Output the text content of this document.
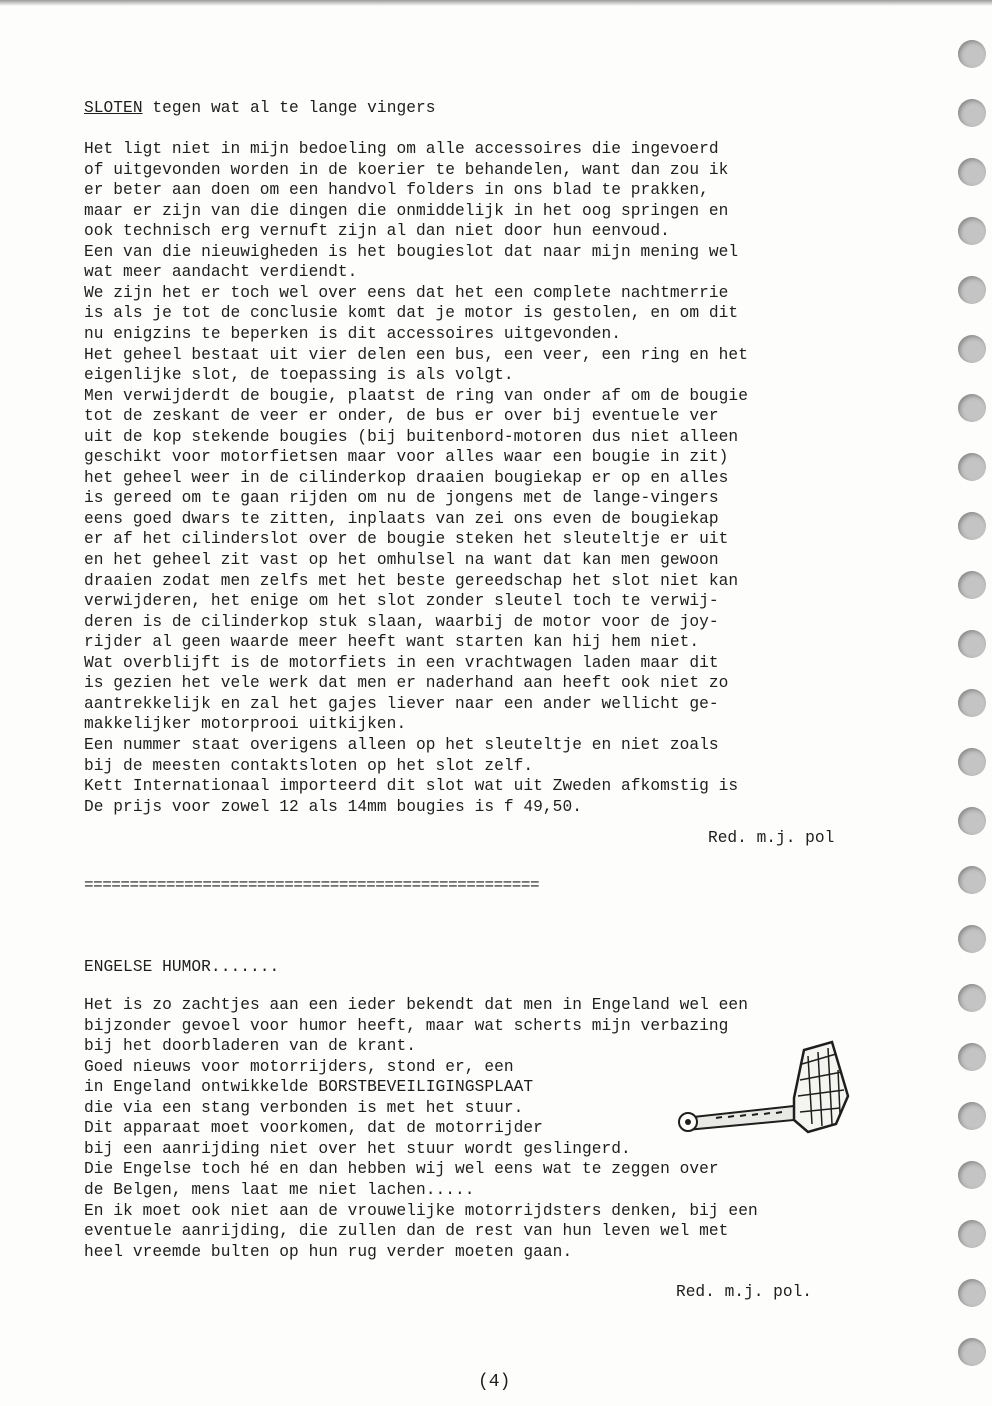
SLOTEN tegen wat al te lange vingers
Het ligt niet in mijn bedoeling om alle accessoires die ingevoerd
of uitgevonden worden in de koerier te behandelen, want dan zou ik
er beter aan doen om een handvol folders in ons blad te prakken,
maar er zijn van die dingen die onmiddelijk in het oog springen en
ook technisch erg vernuft zijn al dan niet door hun eenvoud.
Een van die nieuwigheden is het bougieslot dat naar mijn mening wel
wat meer aandacht verdiendt.
We zijn het er toch wel over eens dat het een complete nachtmerrie
is als je tot de conclusie komt dat je motor is gestolen, en om dit
nu enigzins te beperken is dit accessoires uitgevonden.
Het geheel bestaat uit vier delen een bus, een veer, een ring en het
eigenlijke slot, de toepassing is als volgt.
Men verwijderdt de bougie, plaatst de ring van onder af om de bougie
tot de zeskant de veer er onder, de bus er over bij eventuele ver
uit de kop stekende bougies (bij buitenbord-motoren dus niet alleen
geschikt voor motorfietsen maar voor alles waar een bougie in zit)
het geheel weer in de cilinderkop draaien bougiekap er op en alles
is gereed om te gaan rijden om nu de jongens met de lange-vingers
eens goed dwars te zitten, inplaats van zei ons even de bougiekap
er af het cilinderslot over de bougie steken het sleuteltje er uit
en het geheel zit vast op het omhulsel na want dat kan men gewoon
draaien zodat men zelfs met het beste gereedschap het slot niet kan
verwijderen, het enige om het slot zonder sleutel toch te verwij-
deren is de cilinderkop stuk slaan, waarbij de motor voor de joy-
rijder al geen waarde meer heeft want starten kan hij hem niet.
Wat overblijft is de motorfiets in een vrachtwagen laden maar dit
is gezien het vele werk dat men er naderhand aan heeft ook niet zo
aantrekkelijk en zal het gajes liever naar een ander wellicht ge-
makkelijker motorprooi uitkijken.
Een nummer staat overigens alleen op het sleuteltje en niet zoals
bij de meesten contaktsloten op het slot zelf.
Kett Internationaal importeerd dit slot wat uit Zweden afkomstig is
De prijs voor zowel 12 als 14mm bougies is f 49,50.
Red. m.j. pol
==================================================
ENGELSE HUMOR.......
Het is zo zachtjes aan een ieder bekendt dat men in Engeland wel een
bijzonder gevoel voor humor heeft, maar wat scherts mijn verbazing
bij het doorbladeren van de krant.
Goed nieuws voor motorrijders, stond er, een
in Engeland ontwikkelde BORSTBEVEILIGINGSPLAAT
die via een stang verbonden is met het stuur.
Dit apparaat moet voorkomen, dat de motorrijder
bij een aanrijding niet over het stuur wordt geslingerd.
Die Engelse toch hé en dan hebben wij wel eens wat te zeggen over
de Belgen, mens laat me niet lachen.....
En ik moet ook niet aan de vrouwelijke motorrijdsters denken, bij een
eventuele aanrijding, die zullen dan de rest van hun leven wel met
heel vreemde bulten op hun rug verder moeten gaan.
Red. m.j. pol.
(4)
